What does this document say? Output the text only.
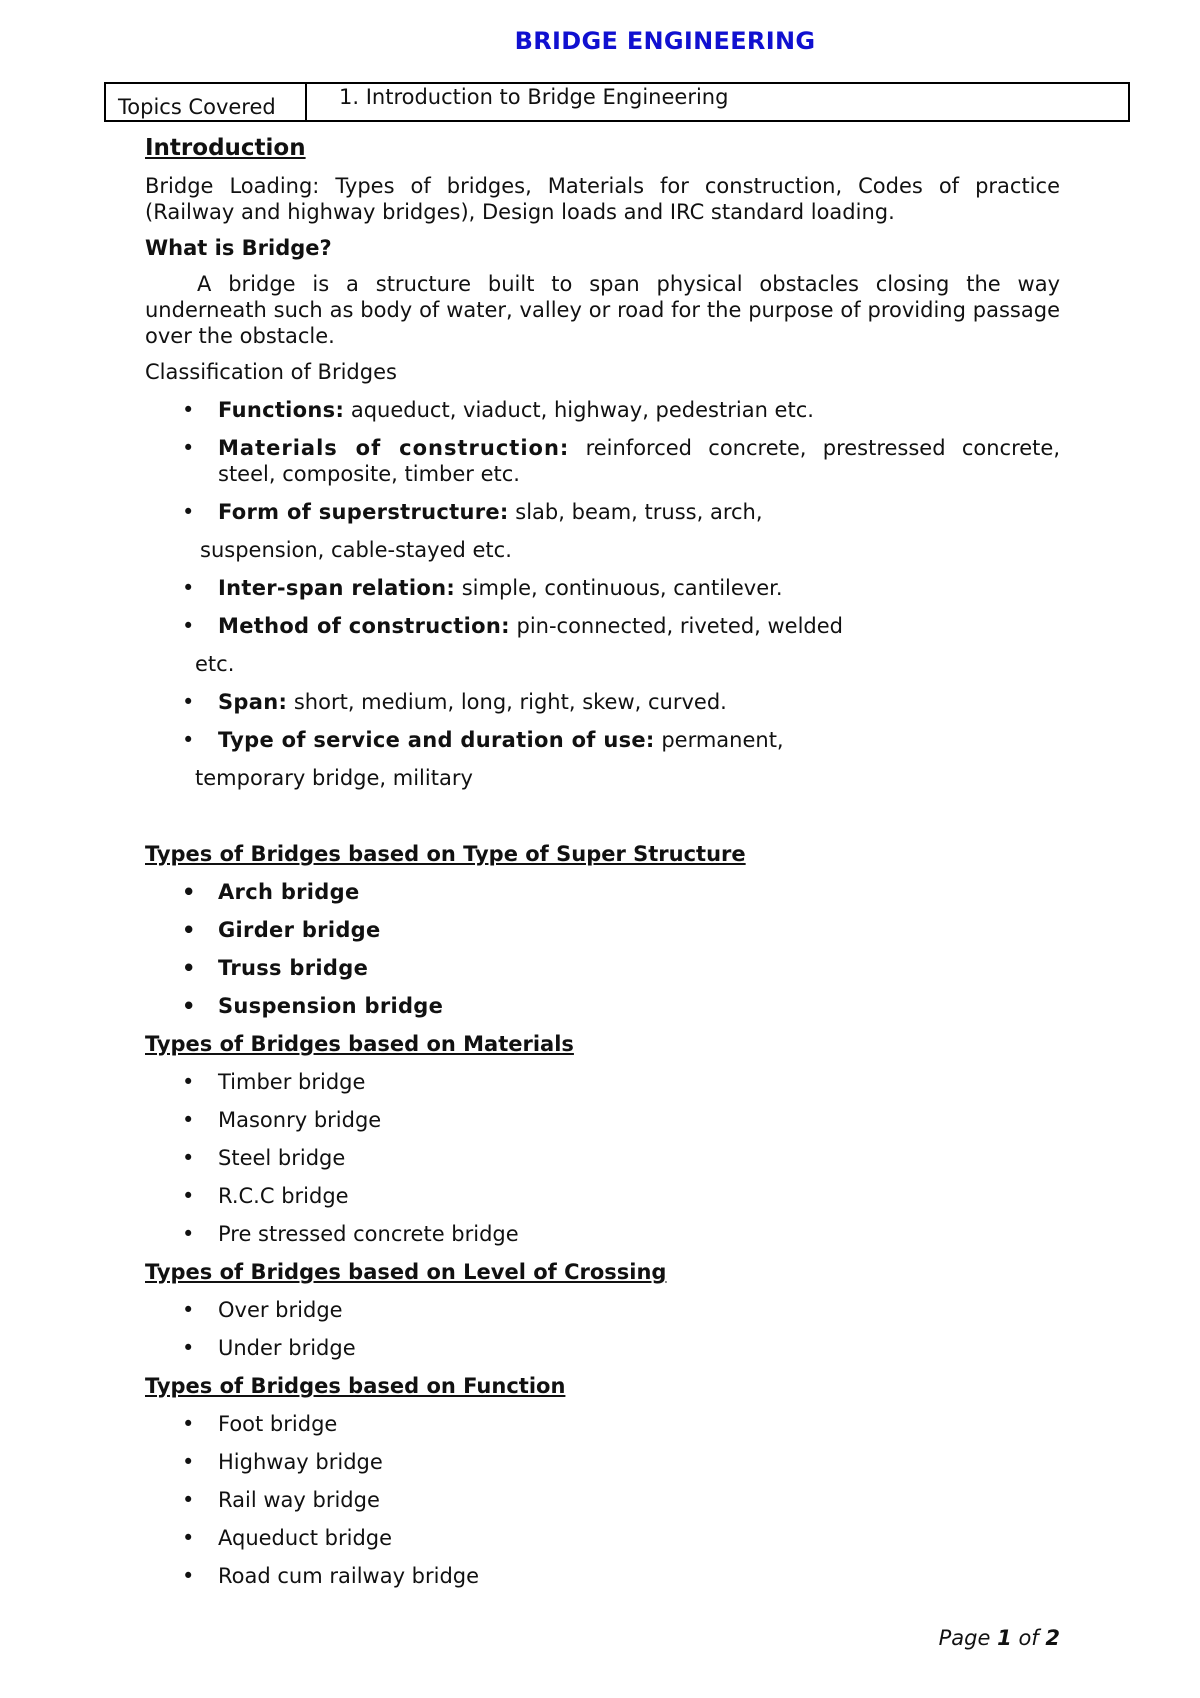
BRIDGE ENGINEERING
Topics Covered	1. Introduction to Bridge Engineering
Introduction

Bridge Loading: Types of bridges, Materials for construction, Codes of practice (Railway and highway bridges), Design loads and IRC standard loading.

What is Bridge?

A bridge is a structure built to span physical obstacles closing the way underneath such as body of water, valley or road for the purpose of providing passage over the obstacle.

Classification of Bridges

• Functions: aqueduct, viaduct, highway, pedestrian etc.
• Materials of construction: reinforced concrete, prestressed concrete, steel, composite, timber etc.
• Form of superstructure: slab, beam, truss, arch,
suspension, cable-stayed etc.
• Inter-span relation: simple, continuous, cantilever.
• Method of construction: pin-connected, riveted, welded
etc.
• Span: short, medium, long, right, skew, curved.
• Type of service and duration of use: permanent,
temporary bridge, military

Types of Bridges based on Type of Super Structure

• Arch bridge
• Girder bridge
• Truss bridge
• Suspension bridge

Types of Bridges based on Materials

• Timber bridge
• Masonry bridge
• Steel bridge
• R.C.C bridge
• Pre stressed concrete bridge

Types of Bridges based on Level of Crossing

• Over bridge
• Under bridge

Types of Bridges based on Function

• Foot bridge
• Highway bridge
• Rail way bridge
• Aqueduct bridge
• Road cum railway bridge
Page 1 of 2
